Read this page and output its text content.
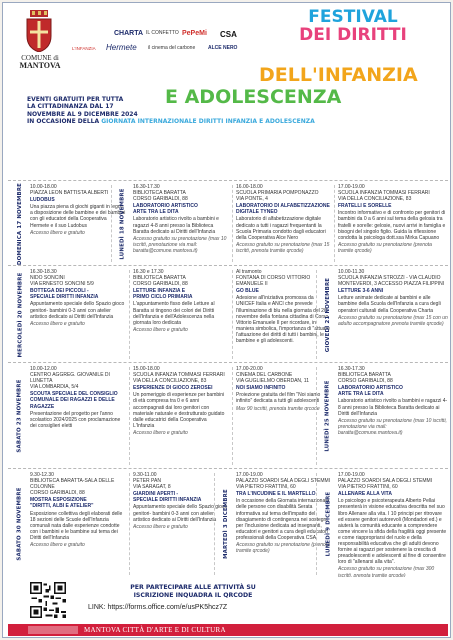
COMUNE di
MANTOVA
CHARTA IL CONFETTO PePeMi CSA
L'INFANZIA Hermete il cinema del carbone	ALCE NERO
FESTIVAL
DEI DIRITTI
DELL'INFANZIA
E ADOLESCENZA
EVENTI GRATUITI PER TUTTA
LA CITTADINANZA DAL 17
NOVEMBRE AL 9 DICEMBRE 2024
IN OCCASIONE DELLA GIORNATA INTERNAZIONALE DIRITTI INFANZIA E ADOLESCENZA
DOMENICA 17 NOVEMBRE 10.00-18.00
PIAZZA LEON BATTISTA ALBERTI
LUDOBUS
Una piazza piena di giochi giganti in legno a disposizione delle bambine e dei bambini con gli educatori della Cooperativa Hermete e il suo Ludobus
Accesso libero e gratuito	LUNEDÌ 18 NOVEMBRE
16.30-17.30
BIBLIOTECA BARATTA
CORSO GARIBALDI, 88
LABORATORIO ARTISTICO
ARTE TRA LE DITA
Laboratorio artistico rivolto a bambini e ragazzi 4-8 anni presso la Biblioteca Baratta dedicato ai Diritti dell'Infanzia
Accesso gratuito su prenotazione (max 10 iscritti, prenotazione via mail: baratta@comune.mantova.it)
16.00-18.00
SCUOLA PRIMARIA POMPONAZZO
VIA PONTE, 4
LABORATORIO DI ALFABETIZZAZIONE
DIGITALE TYNEO
Laboratorio di alfabetizzazione digitale dedicato a tutti i ragazzi frequentanti la Scuola Primaria condotto dagli educatori della Cooperativa Alce Nero
Accesso gratuito su prenotazione (max 15 iscritti, prenota tramite qrcode)
17.00-19.00
SCUOLA INFANZIA TOMMASI FERRARI
VIA DELLA CONCILIAZIONE, 83
FRATELLI E SORELLE
Incontro informativo e di confronto per genitori di bambini da 0 a 6 anni sul tema della gelosia tra fratelli e sorelle: gelosie, nuovi arrivi in famiglia e bisogni del singolo figlio. Guida la riflessione condotta la psicologa dott.ssa Mirka Capuano
Accesso gratuito su prenotazione (prenota tramite qrcode)
MERCOLEDÌ 20 NOVEMBRE
16.30-18.30
NIDO SONCINI
VIA ERNESTO SONCINI 5/9
BOTTEGA DEI PICCOLI -
SPECIALE DIRITTI INFANZIA
Appuntamento speciale dello Spazio gioco genitori- bambini 0-3 anni con atelier artistico dedicato ai Diritti dell'Infanzia
Accesso libero e gratuito
16.30 e 17.30
BIBLIOTECA BARATTA
CORSO GARIBALDI, 88
LETTURE INFANZIA E
PRIMO CICLO PRIMARIA
L'appuntamento fisso delle Letture al Baratta si tingono dei colori dei Diritti dell'Infanzia e dell'Adolescenza nella giornata loro dedicata
Accesso libero e gratuito
Al tramonto
FONTANA DI CORSO VITTORIO EMANUELE II
GO BLUE
Adesione all'iniziativa promossa da UNICEF Italia e ANCI che prevede l'illuminazione di blu nella giornata del 20 novembre della fontana cittadina di Corso Vittorio Emanuele II per ricordare, in maniera simbolica, l'importanza di "attuare l'attuazione dei diritti di tutti i bambini, le bambine e gli adolescenti.	GIOVEDÌ 21 NOVEMBRE
10.00-11.30
SCUOLA INFANZIA STROZZI - VIA CLAUDIO MONTEVERDI, 3 ACCESSO PIAZZA FILIPPINI
LETTURE 3-6 ANNI
Letture animate dedicate ai bambini e alle bambine della Scuola dell'Infanzia a cura degli operatori culturali della Cooperativa Charta
Accesso gratuito su prenotazione (max 15 con un adulto accompagnatore prenota tramite qrcode)
SABATO 23 NOVEMBRE
10.00-12.00
CENTRO AGGREG. GIOVANILE DI LUNETTA
VIA LOMBARDIA, 5/4
SCOUTA SPECIALE DEL CONSIGLIO COMUNALE DEI RAGAZZI E DELLE RAGAZZE
Presentazione del progetto per l'anno scolastico 2024/2025 con proclamazione dei consiglieri eletti
15.00-18.00
SCUOLA INFANZIA TOMMASI FERRARI
VIA DELLA CONCILIAZIONE, 83
ESPERIENZE DI GIOCO ZEROSEI
Un pomeriggio di esperienze per bambini di età compresa tra 0 e 6 anni accompagnati dai loro genitori con materiale naturale e destrutturato guidato dalle educatrici della Cooperativa L'Infanzia
Accesso libero e gratuito
17.00-20.00
CINEMA DEL CARBONE
VIA GUGLIELMO OBERDAN, 11
NOI SIAMO INFINITO
Proiezione gratuita del film "Noi siamo infinito" dedicata a tutti gli adolescenti
Max 90 iscritti, prenota tramite qrcode LUNEDÌ 25 NOVEMBRE
16.30-17.30
BIBLIOTECA BARATTA
CORSO GARIBALDI, 88
LABORATORIO ARTISTICO
ARTE TRA LE DITA
Laboratorio artistico rivolto a bambini e ragazzi 4-8 anni presso la Biblioteca Baratta dedicato ai Diritti dell'Infanzia
Accesso gratuito su prenotazione (max 10 iscritti, prenotazione via mail: baratta@comune.mantova.it)
SABATO 30 NOVEMBRE
9.30-12.30
BIBLIOTECA BARATTA-SALA DELLE COLONNE
CORSO GARIBALDI, 88
MOSTRA ESPOSIZIONE
"DIRITTI, ALBI E ATELIER"
Esposizione collettiva degli elaborati delle 18 sezioni delle Scuole dell'Infanzia comunali nata dalle esperienze condotte con i bambini e le bambine sul tema dei Diritti dell'Infanzia
Accesso libero e gratuito
9.30-11.00
PETER PAN
VIA SARAGAT, 8
GIARDINI APERTI -
SPECIALE DIRITTI INFANZIA
Appuntamento speciale dello Spazio gioco genitori- bambini 0-3 anni con atelier artistico dedicato ai Diritti dell'Infanzia
Accesso libero e gratuito	MARTEDÌ 3 DICEMBRE
17.00-19.00
PALAZZO SOARDI SALA DEGLI STEMMI
VIA PIETRO FRATTINI, 60
TRA L'INCUDINE E IL MARTELLO
In occasione della Giornata internazionale delle persone con disabilità Serata informativa sul tema dell'impatto del disagiamento di contingenza nei sostegni per l'inclusione dedicata ad insegnanti, educatori e genitori a cura degli educatori professionali della Cooperativa CSA
Accesso gratuito su prenotazione (prenota tramite qrcode)	LUNEDÌ 9 DICEMBRE
17.00-19.00
PALAZZO SOARDI SALA DEGLI STEMMI
VIA PIETRO FRATTINI, 60
ALLENARE ALLA VITA
Lo psicologo e psicoterapeuta Alberto Pellai presenterà in visione educativa descritta nel suo libro Allenare alla vita. I 10 principi per ritrovare ed essere genitori autorevoli (Mondadori ed.) e aiuterà la comunità educante a comprendere come vincere la sfida della fragilità oggi presente e come riappropriarsi del ruolo e della responsabilità educativa che gli adulti devono fornire ai ragazzi per sostenere la crescita di preadolescenti e adolescenti al fine di consentire loro di "allenarsi alla vita".
Accesso gratuito su prenotazione (max 300 iscritti, prenota tramite qrcode)
PER PARTECIPARE ALLE ATTIVITÀ SU
ISCRIZIONE INQUADRA IL QRCODE
LINK: https://forms.office.com/e/usPK5hcz7Z
MANTOVA CITTÀ D'ARTE E DI CULTURA
